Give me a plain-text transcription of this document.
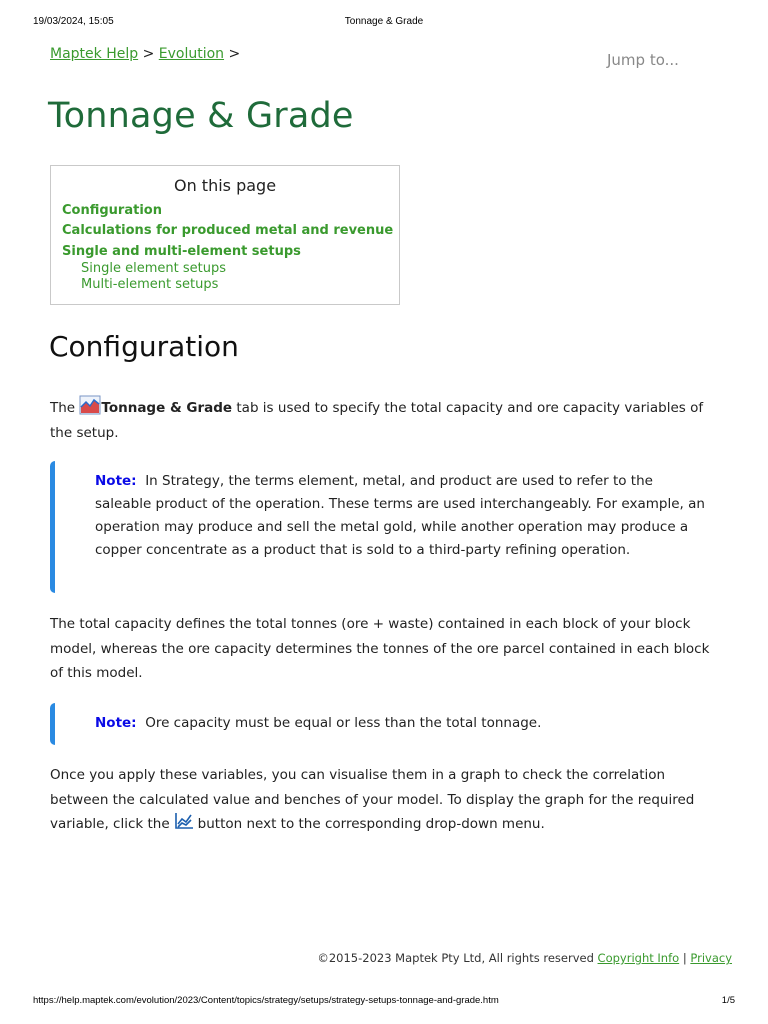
19/03/2024, 15:05	Tonnage & Grade
Maptek Help > Evolution >	Jump to...
Tonnage & Grade
On this page
Configuration
Calculations for produced metal and revenue
Single and multi-element setups
Single element setups
Multi-element setups
Configuration

The Tonnage & Grade tab is used to specify the total capacity and ore capacity variables of the setup.

Note: In Strategy, the terms element, metal, and product are used to refer to the saleable product of the operation. These terms are used interchangeably. For example, an operation may produce and sell the metal gold, while another operation may produce a copper concentrate as a product that is sold to a third-party refining operation.

The total capacity defines the total tonnes (ore + waste) contained in each block of your block model, whereas the ore capacity determines the tonnes of the ore parcel contained in each block of this model.

Note: Ore capacity must be equal or less than the total tonnage.

Once you apply these variables, you can visualise them in a graph to check the correlation between the calculated value and benches of your model. To display the graph for the required variable, click the button next to the corresponding drop-down menu.

©2015-2023 Maptek Pty Ltd, All rights reserved Copyright Info | Privacy
https://help.maptek.com/evolution/2023/Content/topics/strategy/setups/strategy-setups-tonnage-and-grade.htm	1/5
